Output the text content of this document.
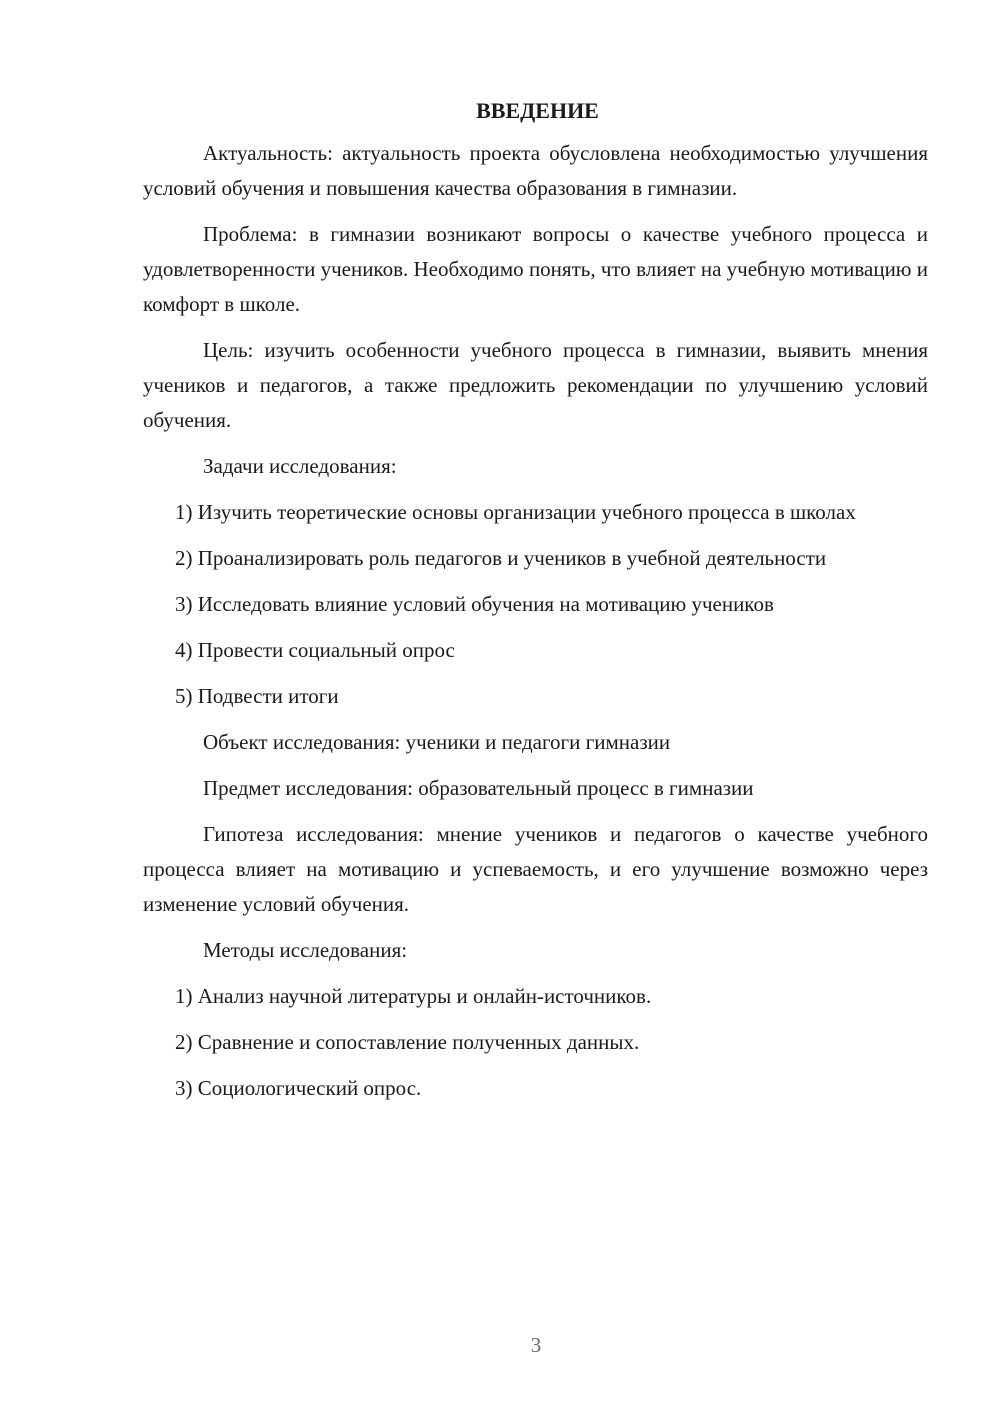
ВВЕДЕНИЕ

Актуальность: актуальность проекта обусловлена необходимостью улучшения условий обучения и повышения качества образования в гимназии.

Проблема: в гимназии возникают вопросы о качестве учебного процесса и удовлетворенности учеников. Необходимо понять, что влияет на учебную мотивацию и комфорт в школе.

Цель: изучить особенности учебного процесса в гимназии, выявить мнения учеников и педагогов, а также предложить рекомендации по улучшению условий обучения.

Задачи исследования:

1) Изучить теоретические основы организации учебного процесса в школах

2) Проанализировать роль педагогов и учеников в учебной деятельности

3) Исследовать влияние условий обучения на мотивацию учеников

4) Провести социальный опрос

5) Подвести итоги

Объект исследования: ученики и педагоги гимназии

Предмет исследования: образовательный процесс в гимназии

Гипотеза исследования: мнение учеников и педагогов о качестве учебного процесса влияет на мотивацию и успеваемость, и его улучшение возможно через изменение условий обучения.

Методы исследования:

1) Анализ научной литературы и онлайн-источников.

2) Сравнение и сопоставление полученных данных.

3) Социологический опрос.

3
